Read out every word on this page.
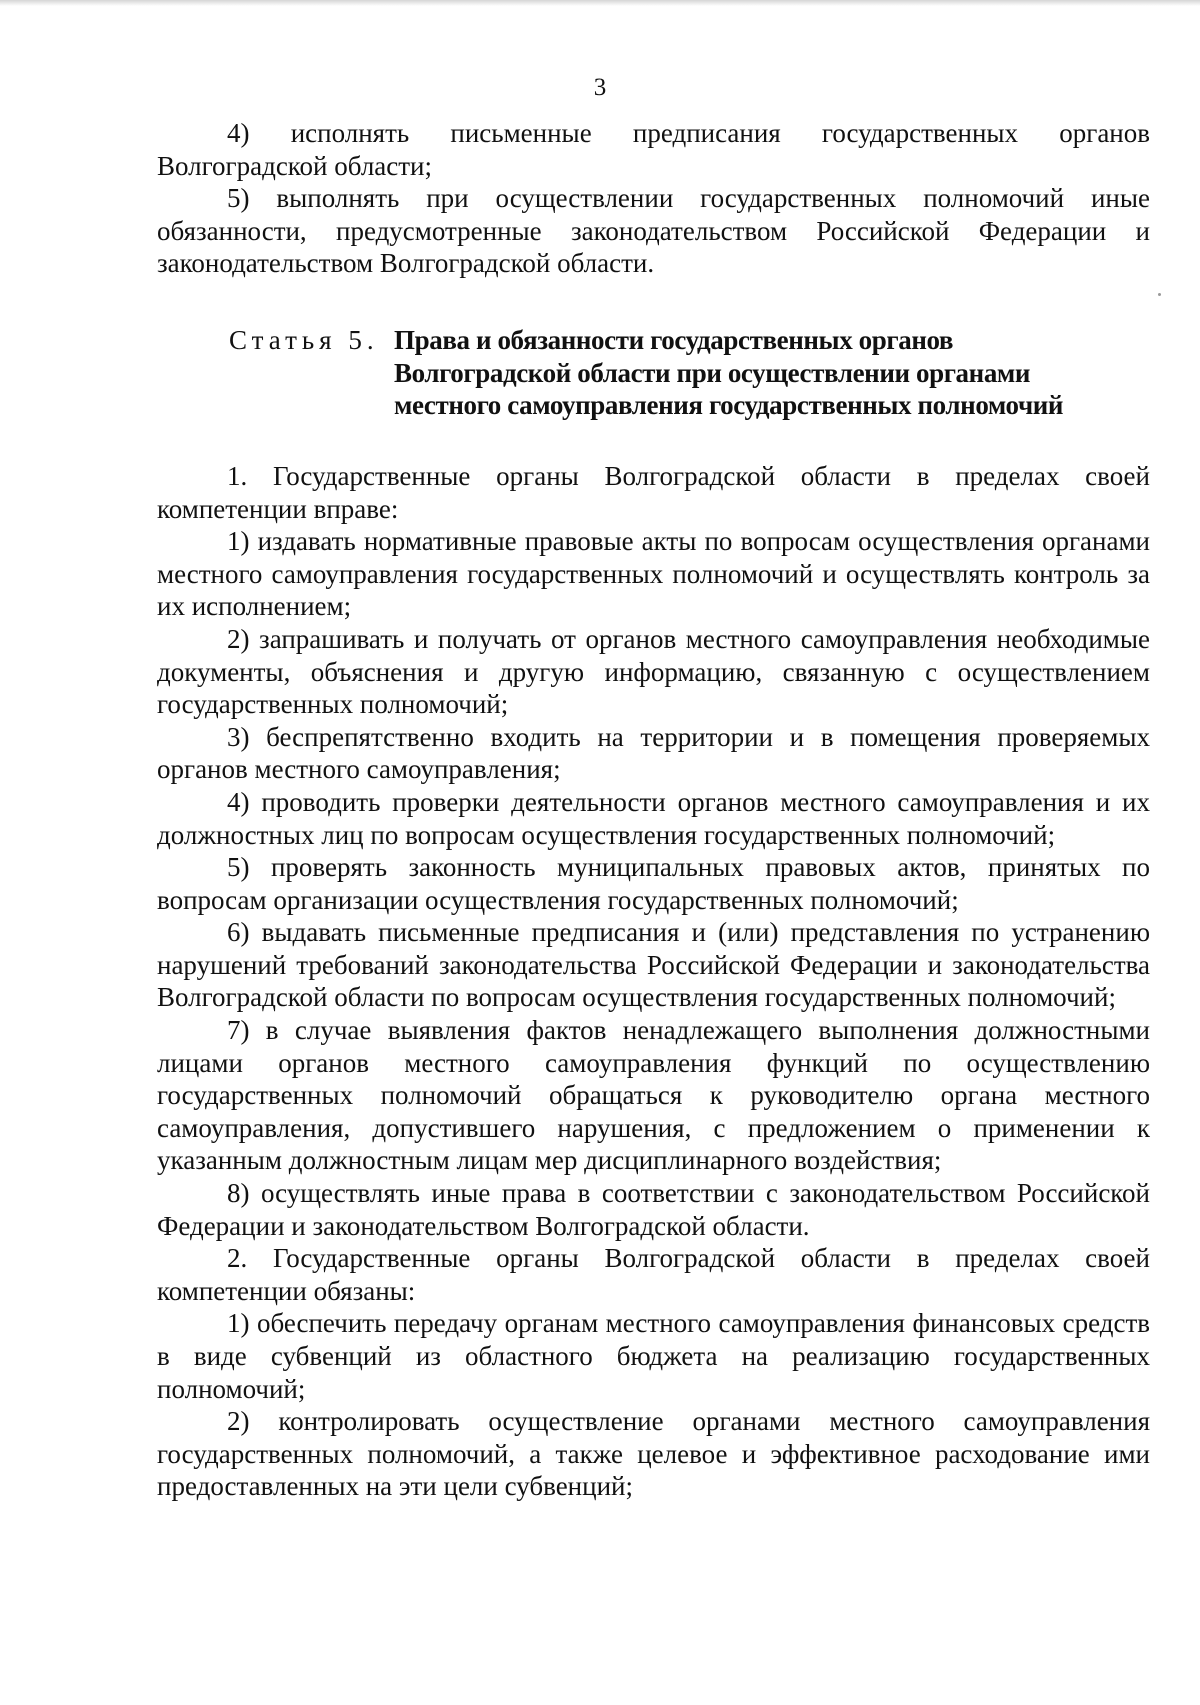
3

4) исполнять письменные предписания государственных органов Волгоградской области;

5) выполнять при осуществлении государственных полномочий иные обязанности, предусмотренные законодательством Российской Федерации и законодательством Волгоградской области.

Статья 5. Права и обязанности государственных органов
Волгоградской области при осуществлении органами
местного самоуправления государственных полномочий

1. Государственные органы Волгоградской области в пределах своей компетенции вправе:

1) издавать нормативные правовые акты по вопросам осуществления органами местного самоуправления государственных полномочий и осуществлять контроль за их исполнением;

2) запрашивать и получать от органов местного самоуправления необходимые документы, объяснения и другую информацию, связанную с осуществлением государственных полномочий;

3) беспрепятственно входить на территории и в помещения проверяемых органов местного самоуправления;

4) проводить проверки деятельности органов местного самоуправления и их должностных лиц по вопросам осуществления государственных полномочий;

5) проверять законность муниципальных правовых актов, принятых по вопросам организации осуществления государственных полномочий;

6) выдавать письменные предписания и (или) представления по устранению нарушений требований законодательства Российской Федерации и законодательства Волгоградской области по вопросам осуществления государственных полномочий;

7) в случае выявления фактов ненадлежащего выполнения должностными лицами органов местного самоуправления функций по осуществлению государственных полномочий обращаться к руководителю органа местного самоуправления, допустившего нарушения, с предложением о применении к указанным должностным лицам мер дисциплинарного воздействия;

8) осуществлять иные права в соответствии с законодательством Российской Федерации и законодательством Волгоградской области.

2. Государственные органы Волгоградской области в пределах своей компетенции обязаны:

1) обеспечить передачу органам местного самоуправления финансовых средств в виде субвенций из областного бюджета на реализацию государственных полномочий;

2) контролировать осуществление органами местного самоуправления государственных полномочий, а также целевое и эффективное расходование ими предоставленных на эти цели субвенций;
